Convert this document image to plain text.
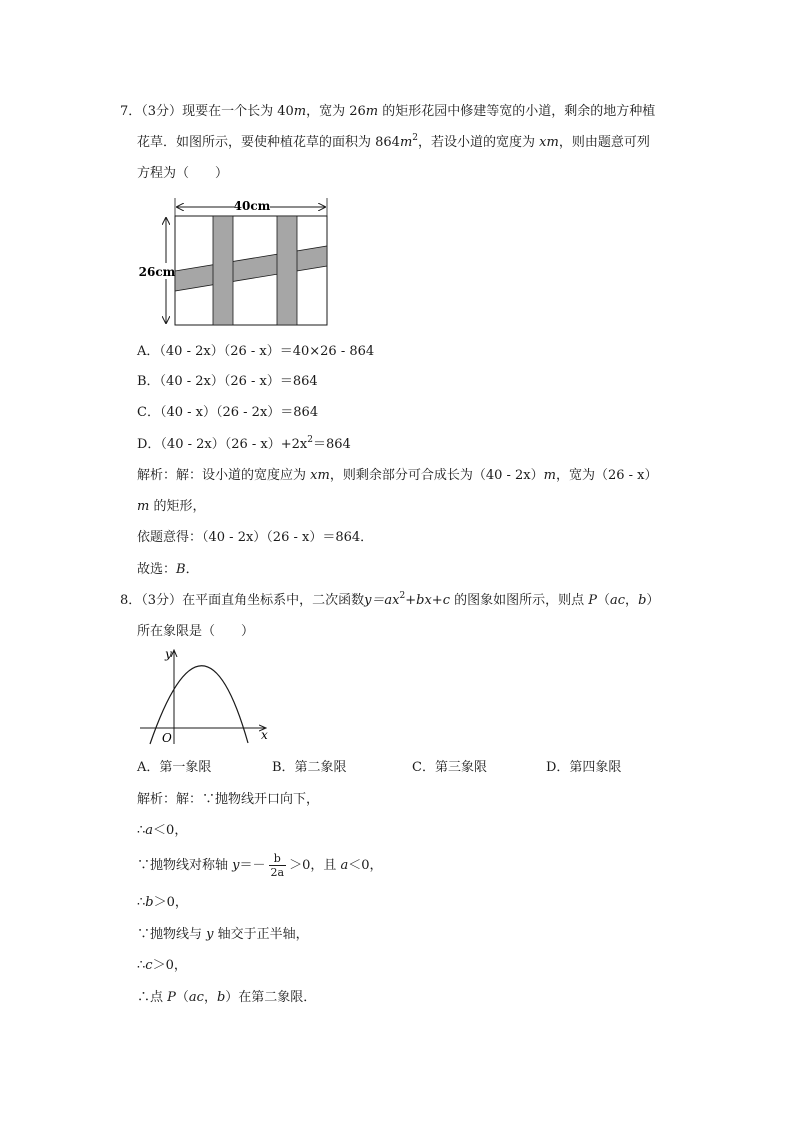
7．（3分）现要在一个长为 40m，宽为 26m 的矩形花园中修建等宽的小道，剩余的地方种植
花草．如图所示，要使种植花草的面积为 $864m^2$，若设小道的宽度为 xm，则由题意可列
方程为（　　）
40cm
26cm
A．（40 - 2x）（26 - x）＝40×26 - 864
B．（40 - 2x）（26 - x）＝864
C．（40 - x）（26 - 2x）＝864
D．$(40 - 2x)(26 - x)+2x^2=864$
解析：解：设小道的宽度应为 xm，则剩余部分可合成长为（40 - 2x）m，宽为（26 - x）
m 的矩形，
依题意得：（40 - 2x）（26 - x）＝864．
故选：B．
8．（3分）在平面直角坐标系中，二次函数$y=ax^2+bx+c$ 的图象如图所示，则点 P（ac，b）
所在象限是（　　）
y
x
O
A．第一象限	B．第二象限	C．第三象限	D．第四象限
解析：解：∵抛物线开口向下，
∴a＜0，
∵抛物线对称轴 $y=- \frac{b}{2a} >0$，且 a＜0，
∴b＞0，
∵抛物线与 y 轴交于正半轴，
∴c＞0，
∴点 P（ac，b）在第二象限．
